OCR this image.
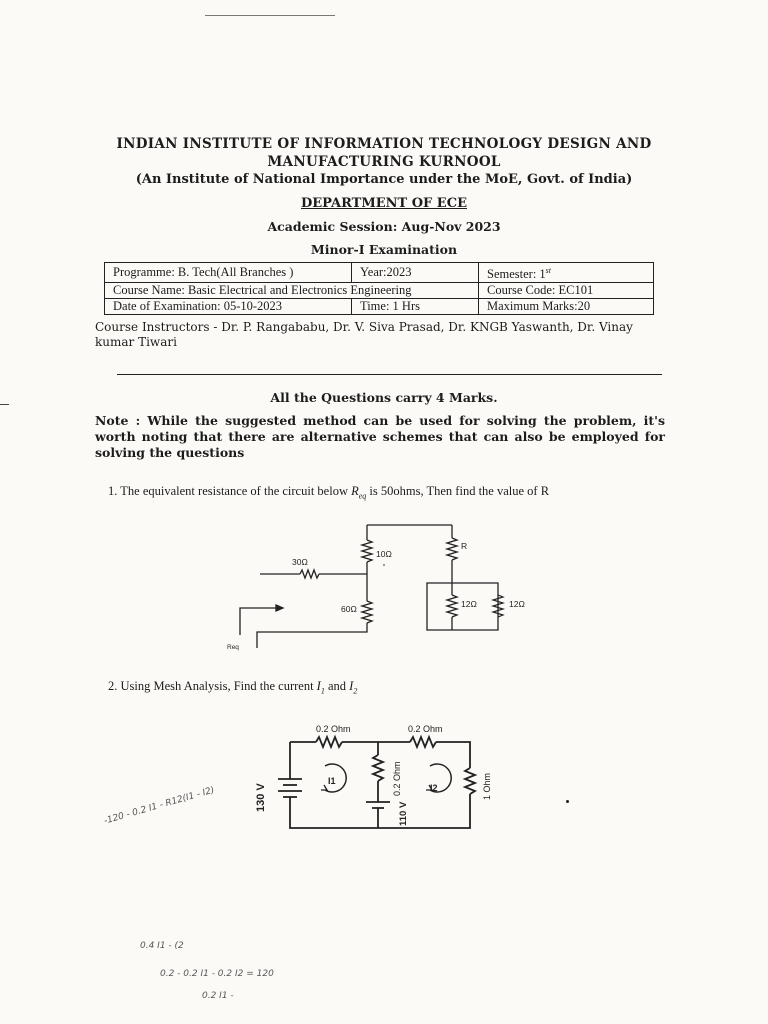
INDIAN INSTITUTE OF INFORMATION TECHNOLOGY DESIGN AND
MANUFACTURING KURNOOL
(An Institute of National Importance under the MoE, Govt. of India)
DEPARTMENT OF ECE
Academic Session: Aug-Nov 2023
Minor-I Examination
Programme: B. Tech(All Branches )	Year:2023	Semester: 1st
Course Name: Basic Electrical and Electronics Engineering		Course Code: EC101
Date of Examination: 05-10-2023	Time: 1 Hrs	Maximum Marks:20
Course Instructors - Dr. P. Rangababu, Dr. V. Siva Prasad, Dr. KNGB Yaswanth, Dr. Vinay kumar Tiwari
All the Questions carry 4 Marks.
Note : While the suggested method can be used for solving the problem, it's worth noting that there are alternative schemes that can also be employed for solving the questions
1. The equivalent resistance of the circuit below $R_{eq}$ is 50ohms, Then find the value of R
10Ω
30Ω
60Ω
R
12Ω	12Ω
Req
2. Using Mesh Analysis, Find the current $I_1$ and $I_2$
0.2 Ohm	0.2 Ohm
I1
I2
0.2 Ohm	1 Ohm
130 V
110 V
-120 - 0.2 I1 - R12(I1 - I2)
0.4 I1 - (2
0.2 - 0.2 I1 - 0.2 I2 = 120
0.2 I1 -
